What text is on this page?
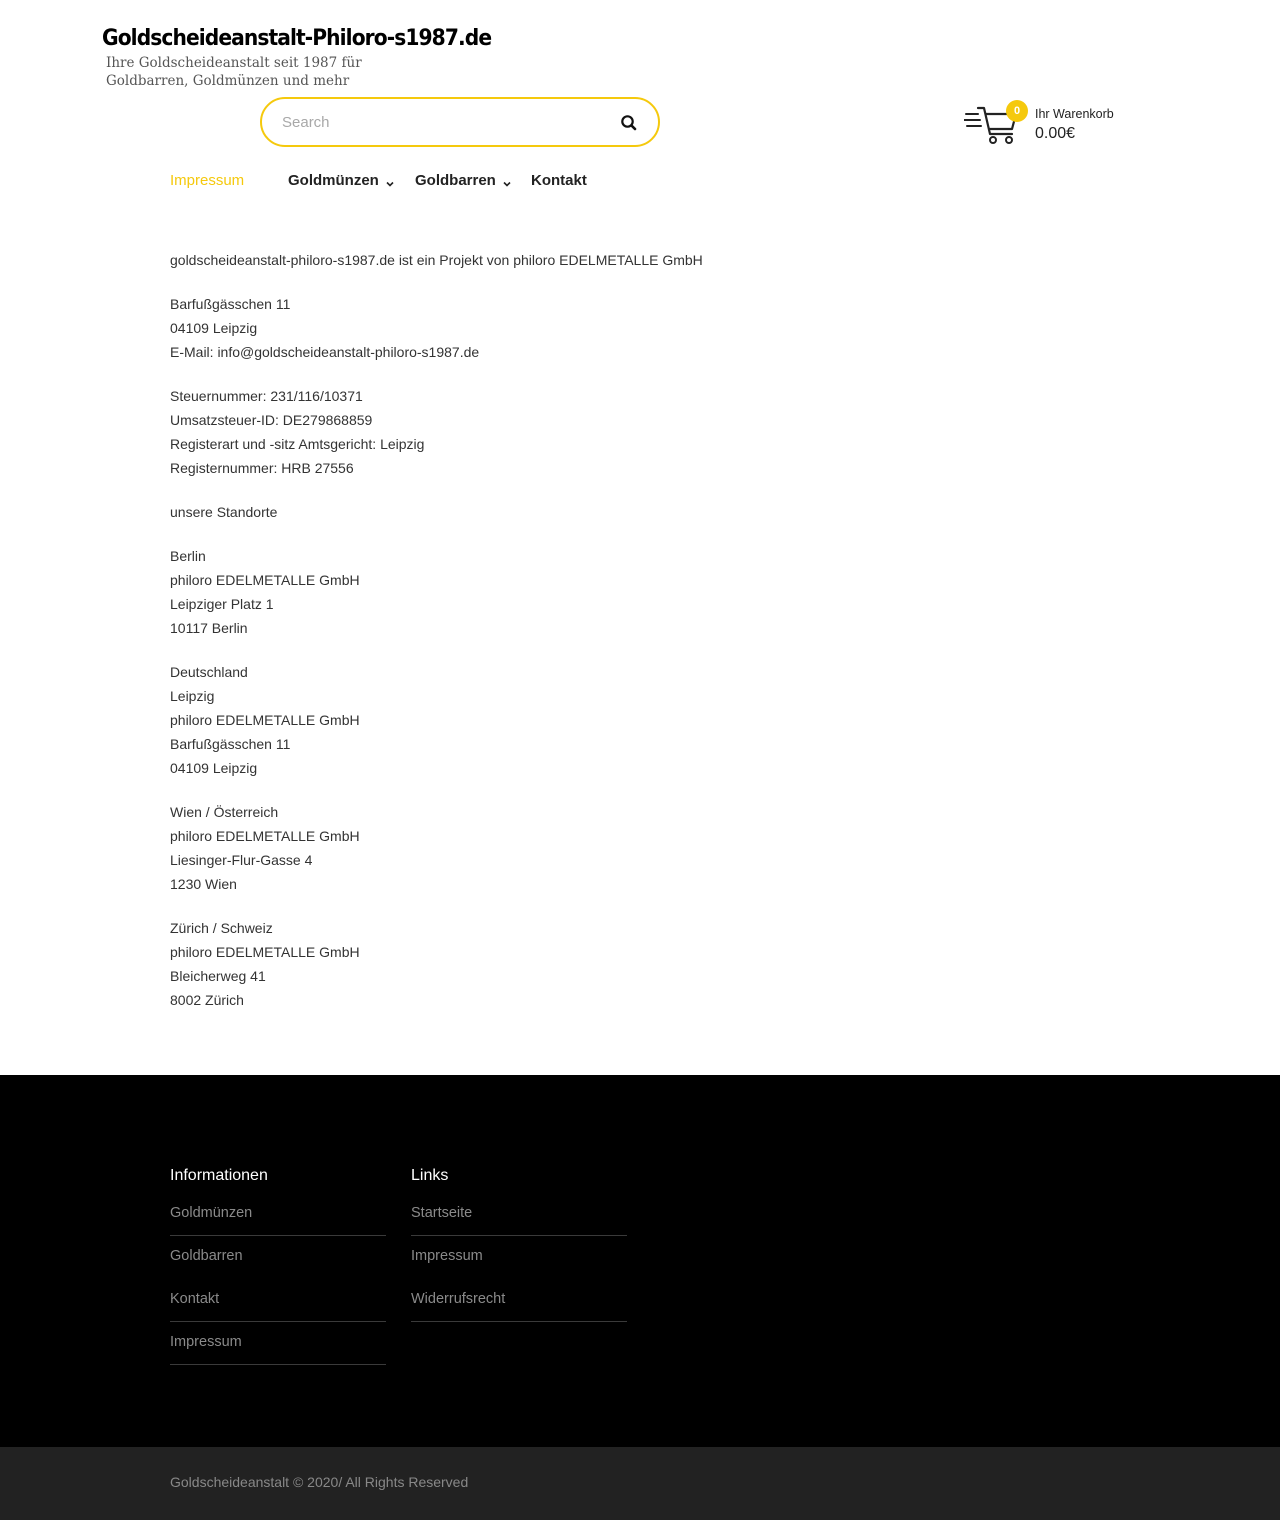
Goldscheideanstalt-Philoro-s1987.de
Ihre Goldscheideanstalt seit 1987 für Goldbarren, Goldmünzen und mehr
Search
0	Ihr Warenkorb
0.00€
Impressum	Goldmünzen	Goldbarren	Kontakt
goldscheideanstalt-philoro-s1987.de ist ein Projekt von philoro EDELMETALLE GmbH
Barfußgässchen 11
04109 Leipzig
E-Mail: info@goldscheideanstalt-philoro-s1987.de
Steuernummer: 231/116/10371
Umsatzsteuer-ID: DE279868859
Registerart und -sitz Amtsgericht: Leipzig
Registernummer: HRB 27556
unsere Standorte
Berlin
philoro EDELMETALLE GmbH
Leipziger Platz 1
10117 Berlin
Deutschland
Leipzig
philoro EDELMETALLE GmbH
Barfußgässchen 11
04109 Leipzig
Wien / Österreich
philoro EDELMETALLE GmbH
Liesinger-Flur-Gasse 4
1230 Wien
Zürich / Schweiz
philoro EDELMETALLE GmbH
Bleicherweg 41
8002 Zürich
Informationen
Goldmünzen
Goldbarren
Kontakt
Impressum
Links
Startseite
Impressum
Widerrufsrecht
Goldscheideanstalt © 2020/ All Rights Reserved
